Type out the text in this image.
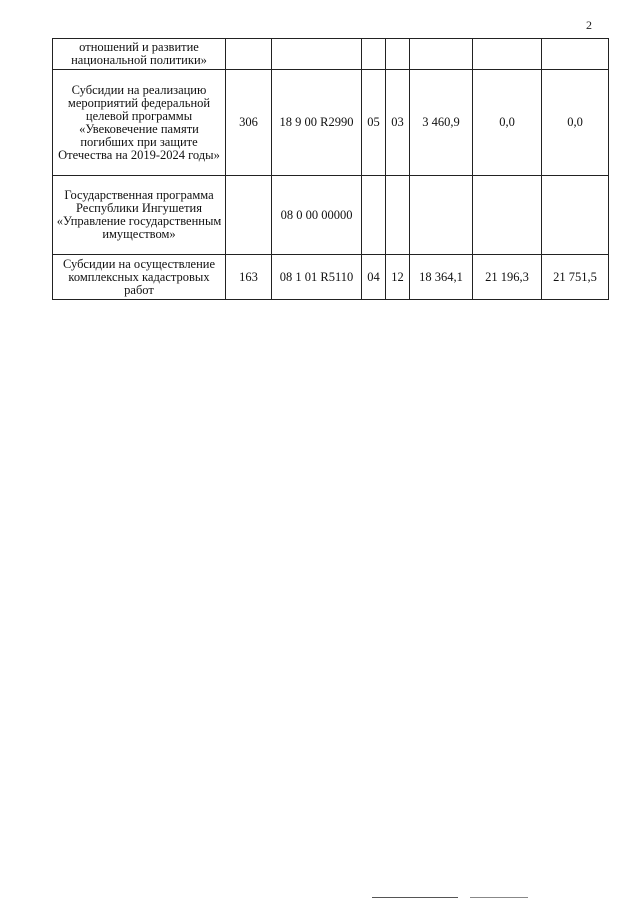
2
отношений и развитие национальной политики»							
Субсидии на реализацию мероприятий федеральной целевой программы «Увековечение памяти погибших при защите Отечества на 2019-2024 годы»	306	18 9 00 R2990	05	03	3 460,9	0,0	0,0
Государственная программа Республики Ингушетия «Управление государственным имуществом»		08 0 00 00000					
Субсидии на осуществление комплексных кадастровых работ	163	08 1 01 R5110	04	12	18 364,1	21 196,3	21 751,5
